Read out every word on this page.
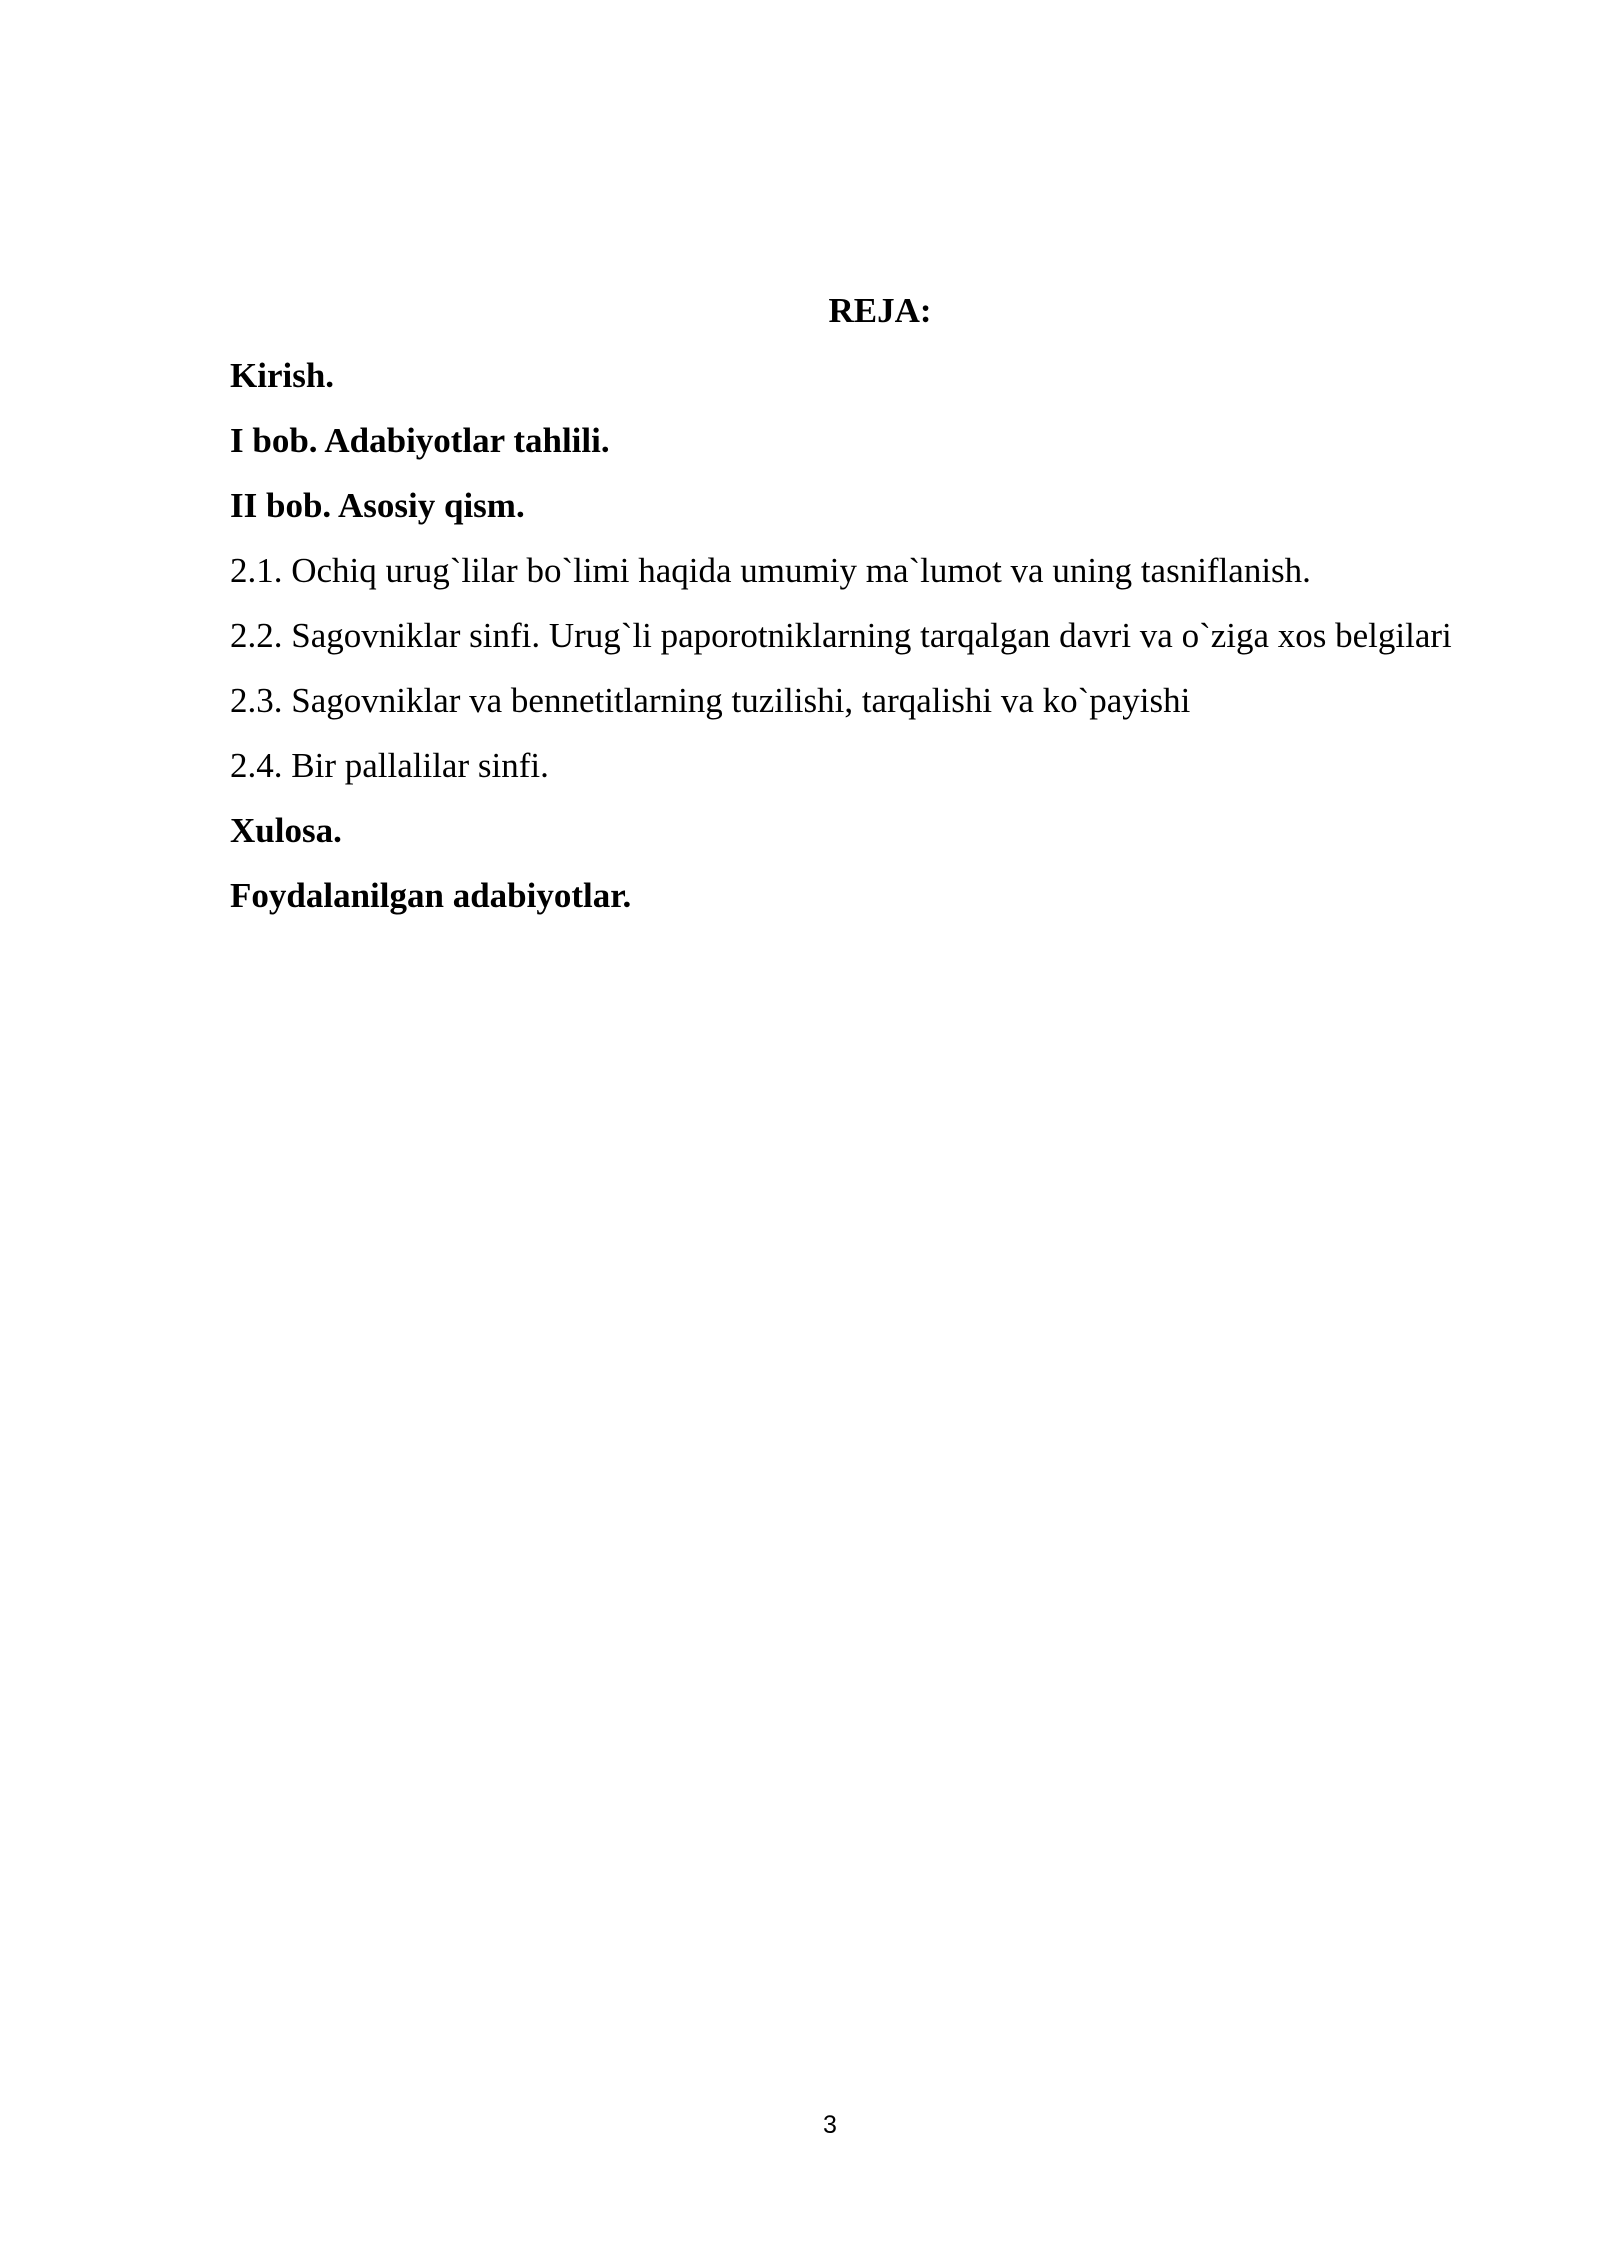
REJA:

Kirish.

I bob. Adabiyotlar tahlili.

II bob. Asosiy qism.

2.1. Ochiq urug`lilar bo`limi haqida umumiy ma`lumot va uning tasniflanish.

2.2. Sagovniklar sinfi. Urug`li paporotniklarning tarqalgan davri va o`ziga xos belgilari

2.3. Sagovniklar va bennetitlarning tuzilishi, tarqalishi va ko`payishi

2.4. Bir pallalilar sinfi.

Xulosa.

Foydalanilgan adabiyotlar.

3
